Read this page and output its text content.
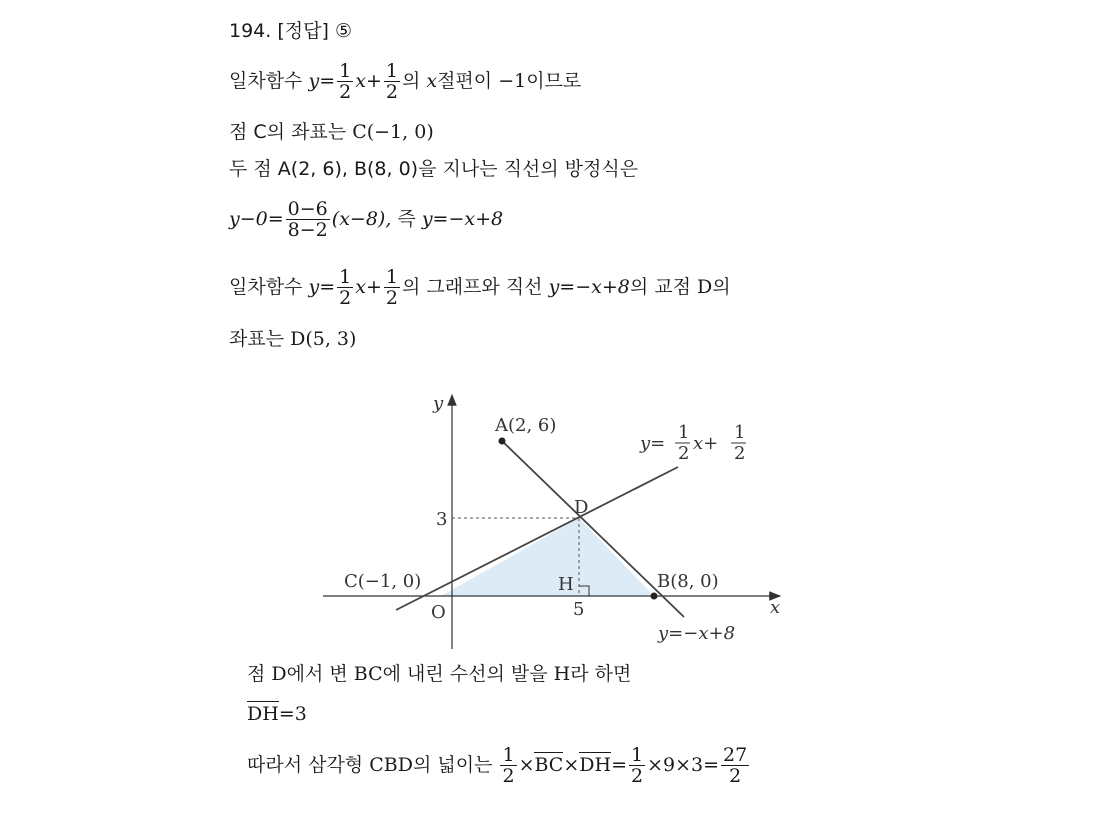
194. [정답] ⑤
일차함수 $y= \frac{1}{2} x+ \frac{1}{2}$ 의 x절편이 −1이므로
점 C의 좌표는 C(−1, 0)
두 점 A(2, 6), B(8, 0)을 지나는 직선의 방정식은
$y-0= \frac{0-6}{8-2} (x-8)$, 즉 y=−x+8
일차함수 $y= \frac{1}{2} x+ \frac{1}{2}$ 의 그래프와 직선 y=−x+8의 교점 D의
좌표는 D(5, 3)
y
x
O
A(2, 6)
B(8, 0)
C(−1, 0)
D
H
3
5
y=
1
2 x+
1
2
y=−x+8
점 D에서 변 BC에 내린 수선의 발을 H라 하면
DH=3
따라서 삼각형 CBD의 넓이는 $\frac{1}{2} \times BC\times DH= \frac{1}{2} \times 9\times 3= \frac{27}{2}$
